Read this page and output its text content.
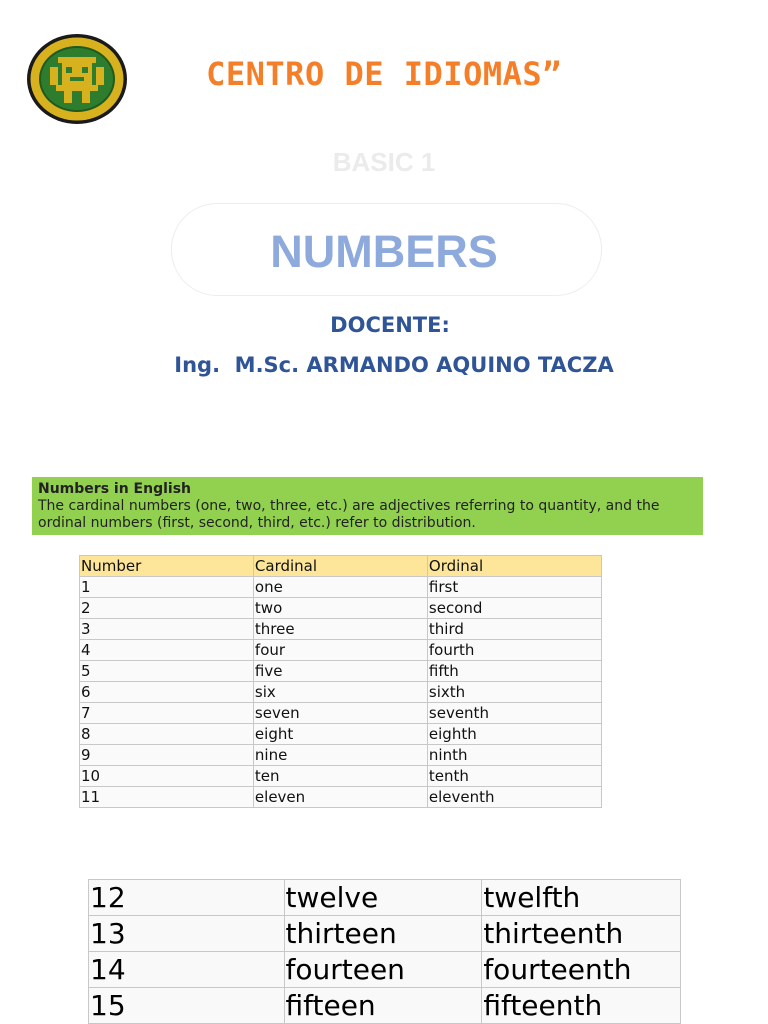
CENTRO DE IDIOMAS”
BASIC 1
NUMBERS
DOCENTE:
Ing.  M.Sc. ARMANDO AQUINO TACZA
Numbers in English
The cardinal numbers (one, two, three, etc.) are adjectives referring to quantity, and the ordinal numbers (first, second, third, etc.) refer to distribution.
Number	Cardinal	Ordinal
1	one	first
2	two	second
3	three	third
4	four	fourth
5	five	fifth
6	six	sixth
7	seven	seventh
8	eight	eighth
9	nine	ninth
10	ten	tenth
11	eleven	eleventh
12	twelve	twelfth
13	thirteen	thirteenth
14	fourteen	fourteenth
15	fifteen	fifteenth
